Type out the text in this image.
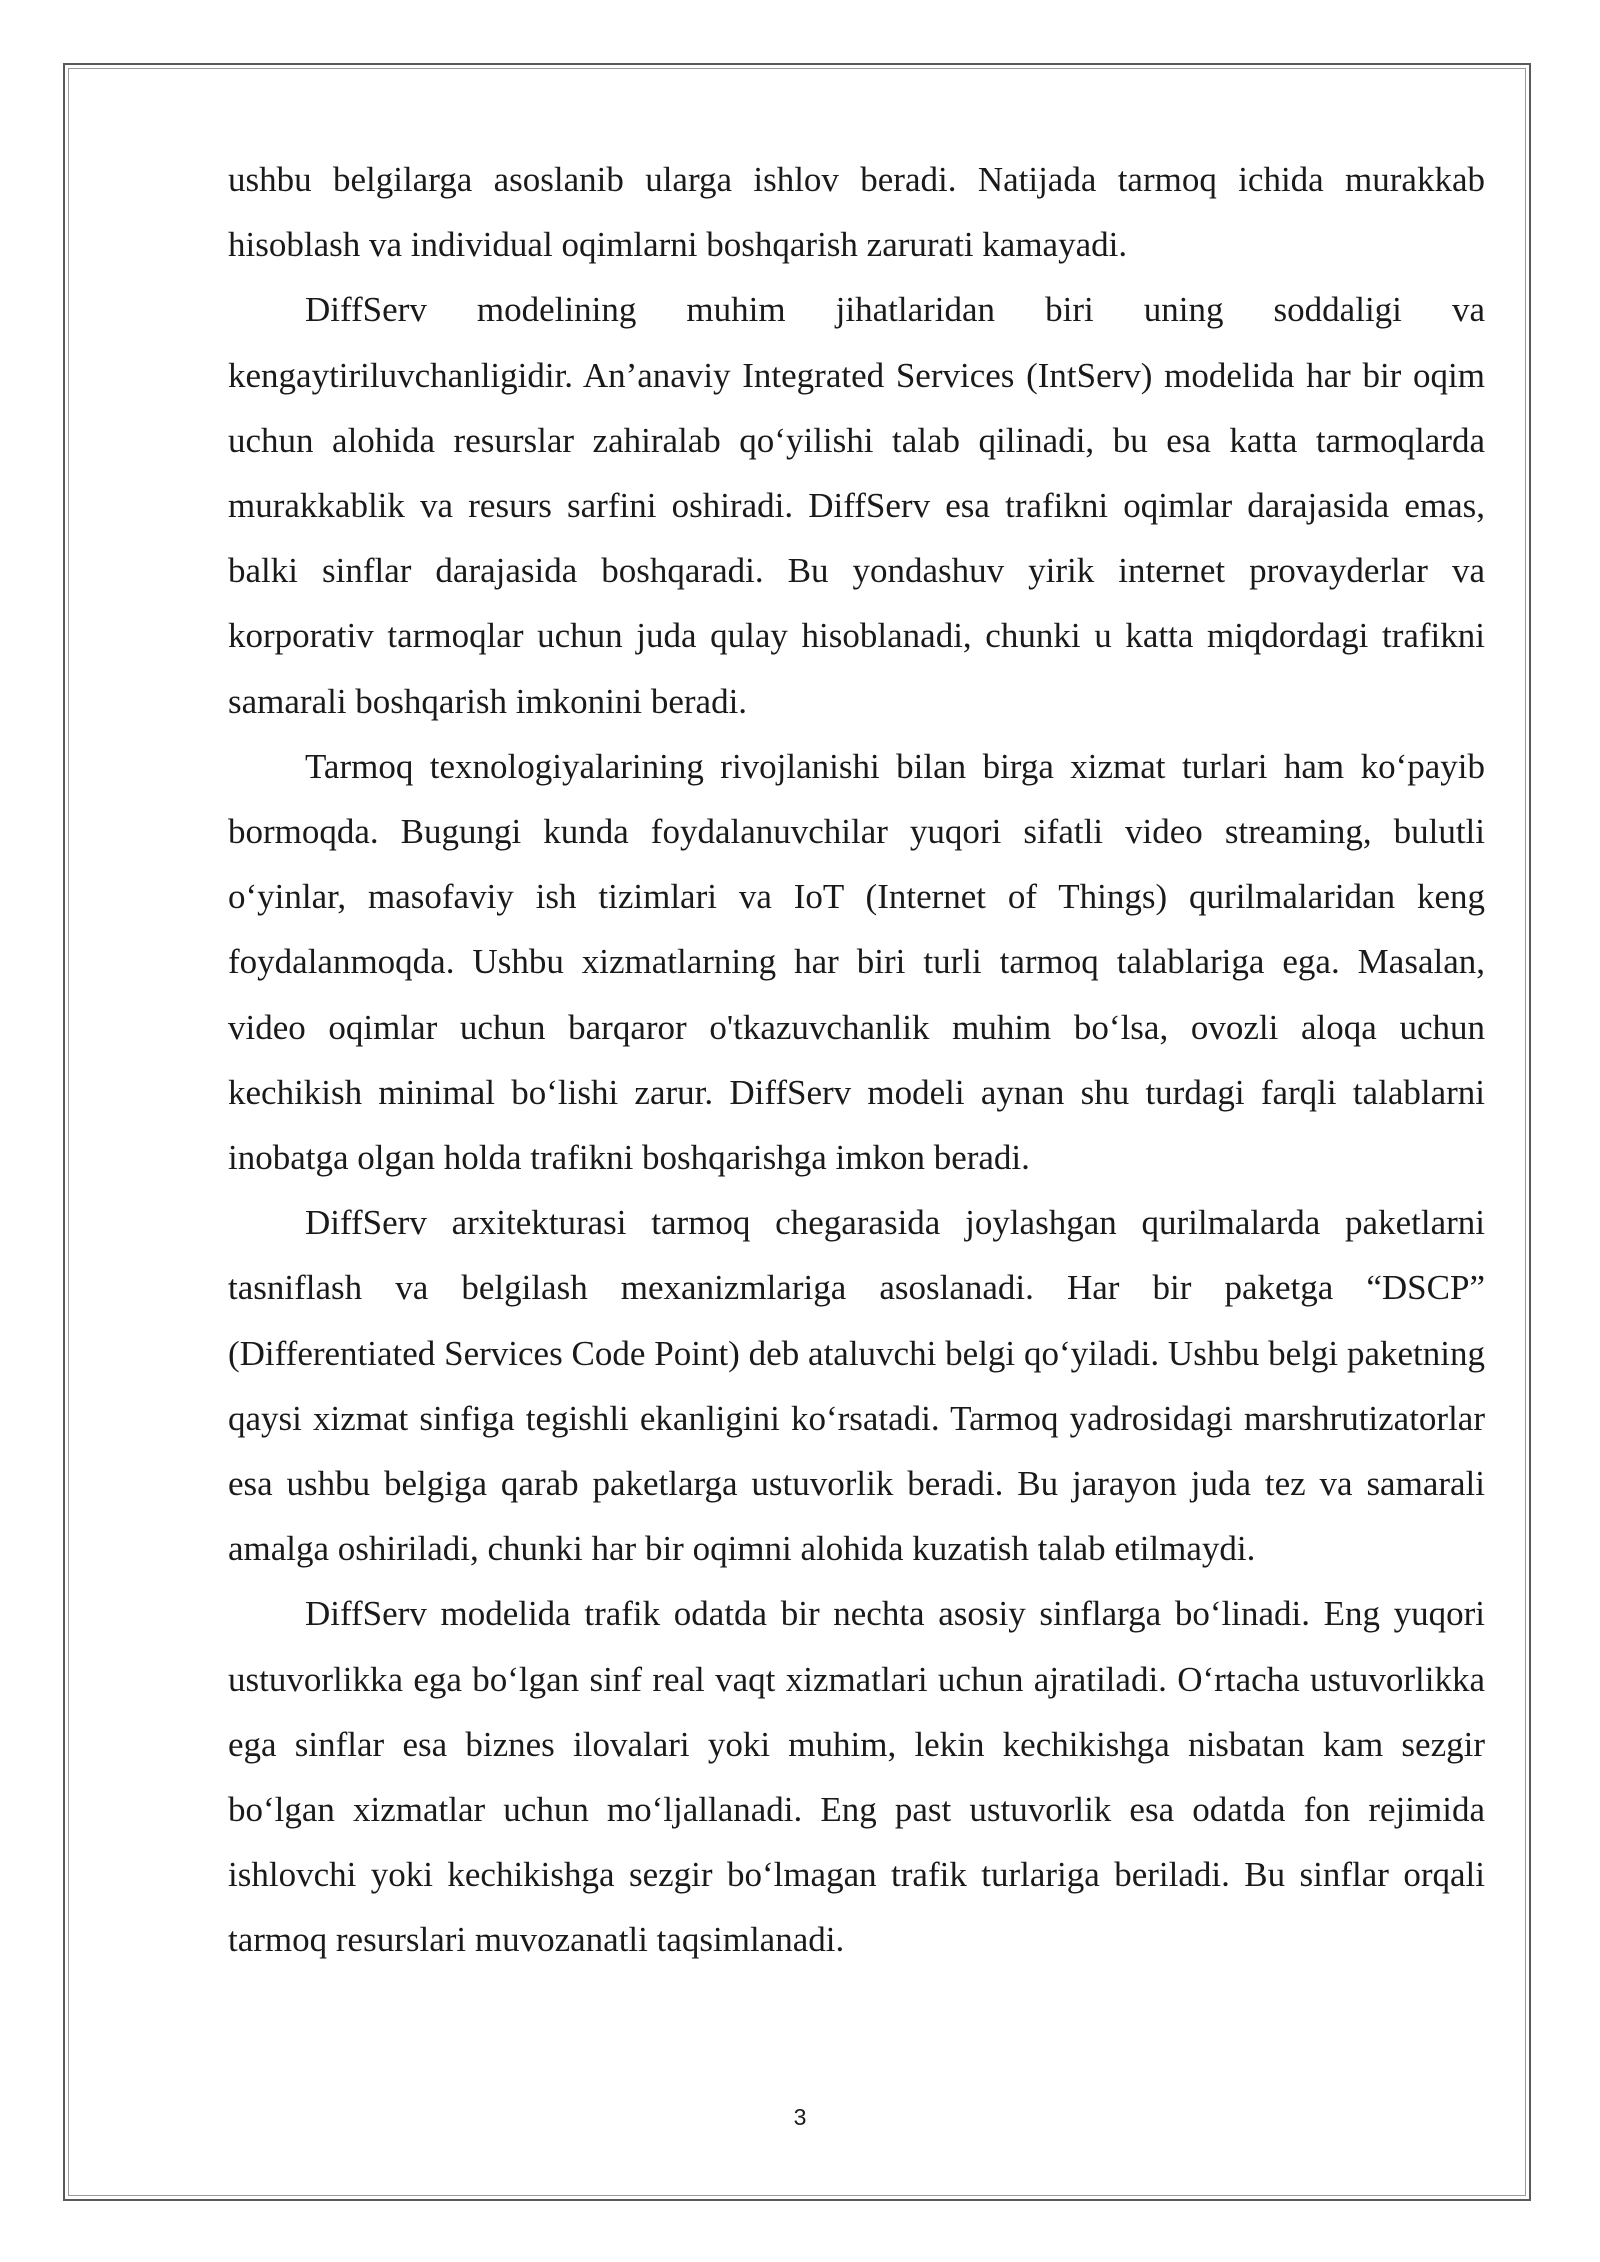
ushbu belgilarga asoslanib ularga ishlov beradi. Natijada tarmoq ichida murakkab hisoblash va individual oqimlarni boshqarish zarurati kamayadi.

DiffServ modelining muhim jihatlaridan biri uning soddaligi va kengaytiriluvchanligidir. An’anaviy Integrated Services (IntServ) modelida har bir oqim uchun alohida resurslar zahiralab qo‘yilishi talab qilinadi, bu esa katta tarmoqlarda murakkablik va resurs sarfini oshiradi. DiffServ esa trafikni oqimlar darajasida emas, balki sinflar darajasida boshqaradi. Bu yondashuv yirik internet provayderlar va korporativ tarmoqlar uchun juda qulay hisoblanadi, chunki u katta miqdordagi trafikni samarali boshqarish imkonini beradi.

Tarmoq texnologiyalarining rivojlanishi bilan birga xizmat turlari ham ko‘payib bormoqda. Bugungi kunda foydalanuvchilar yuqori sifatli video streaming, bulutli o‘yinlar, masofaviy ish tizimlari va IoT (Internet of Things) qurilmalaridan keng foydalanmoqda. Ushbu xizmatlarning har biri turli tarmoq talablariga ega. Masalan, video oqimlar uchun barqaror o'tkazuvchanlik muhim bo‘lsa, ovozli aloqa uchun kechikish minimal bo‘lishi zarur. DiffServ modeli aynan shu turdagi farqli talablarni inobatga olgan holda trafikni boshqarishga imkon beradi.

DiffServ arxitekturasi tarmoq chegarasida joylashgan qurilmalarda paketlarni tasniflash va belgilash mexanizmlariga asoslanadi. Har bir paketga “DSCP” (Differentiated Services Code Point) deb ataluvchi belgi qo‘yiladi. Ushbu belgi paketning qaysi xizmat sinfiga tegishli ekanligini ko‘rsatadi. Tarmoq yadrosidagi marshrutizatorlar esa ushbu belgiga qarab paketlarga ustuvorlik beradi. Bu jarayon juda tez va samarali amalga oshiriladi, chunki har bir oqimni alohida kuzatish talab etilmaydi.

DiffServ modelida trafik odatda bir nechta asosiy sinflarga bo‘linadi. Eng yuqori ustuvorlikka ega bo‘lgan sinf real vaqt xizmatlari uchun ajratiladi. O‘rtacha ustuvorlikka ega sinflar esa biznes ilovalari yoki muhim, lekin kechikishga nisbatan kam sezgir bo‘lgan xizmatlar uchun mo‘ljallanadi. Eng past ustuvorlik esa odatda fon rejimida ishlovchi yoki kechikishga sezgir bo‘lmagan trafik turlariga beriladi. Bu sinflar orqali tarmoq resurslari muvozanatli taqsimlanadi.

3
